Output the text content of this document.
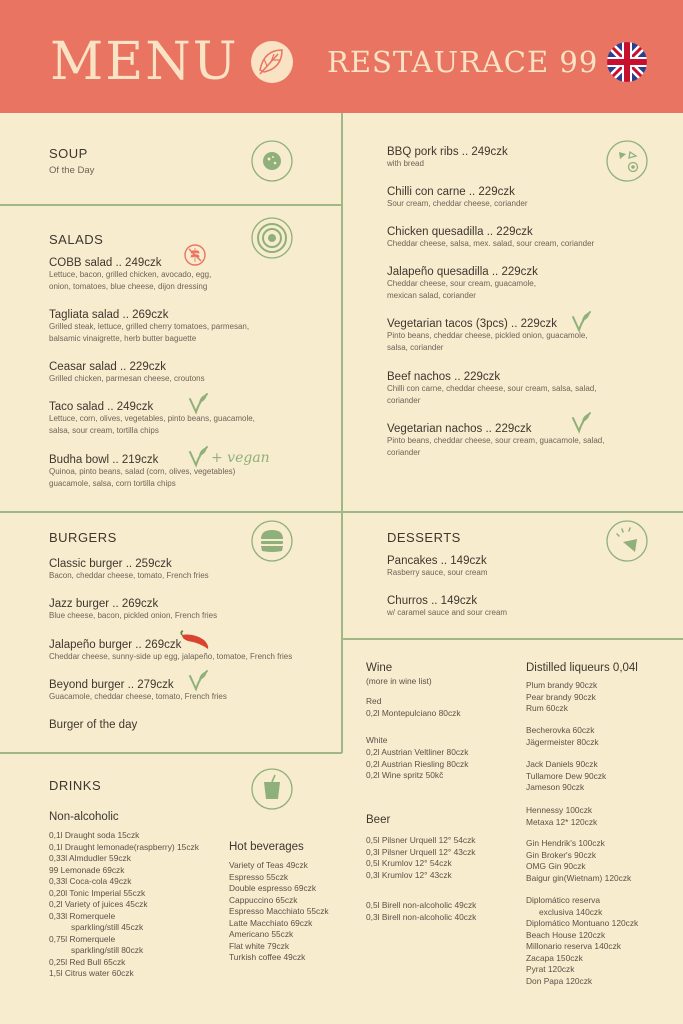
MENU	RESTAURACE 99
SOUP
Of the Day
SALADS
COBB salad .. 249czk
Lettuce, bacon, grilled chicken, avocado, egg, onion, tomatoes, blue cheese, dijon dressing
Tagliata salad .. 269czk
Grilled steak, lettuce, grilled cherry tomatoes, parmesan, balsamic vinaigrette, herb butter baguette
Ceasar salad .. 229czk
Grilled chicken, parmesan cheese, croutons
Taco salad .. 249czk
Lettuce, corn, olives, vegetables, pinto beans, guacamole, salsa, sour cream, tortilla chips
Budha bowl .. 219czk
Quinoa, pinto beans, salad (corn, olives, vegetables) guacamole, salsa, corn tortilla chips
+ vegan
BBQ pork ribs .. 249czk
with bread
Chilli con carne .. 229czk
Sour cream, cheddar cheese, coriander
Chicken quesadilla .. 229czk
Cheddar cheese, salsa, mex. salad, sour cream, coriander
Jalapeño quesadilla .. 229czk
Cheddar cheese, sour cream, guacamole, mexican salad, coriander
Vegetarian tacos (3pcs) .. 229czk
Pinto beans, cheddar cheese, pickled onion, guacamole, salsa, coriander
Beef nachos .. 229czk
Chilli con carne, cheddar cheese, sour cream, salsa, salad, coriander
Vegetarian nachos .. 229czk
Pinto beans, cheddar cheese, sour cream, guacamole, salad, coriander
BURGERS
Classic burger .. 259czk
Bacon, cheddar cheese, tomato, French fries
Jazz burger .. 269czk
Blue cheese, bacon, pickled onion, French fries
Jalapeño burger .. 269czk
Cheddar cheese, sunny-side up egg, jalapeño, tomatoe, French fries
Beyond burger .. 279czk
Guacamole, cheddar cheese, tomato, French fries
Burger of the day
DESSERTS
Pancakes .. 149czk
Rasberry sauce, sour cream
Churros .. 149czk
w/ caramel sauce and sour cream
DRINKS
Non-alcoholic
0,1l Draught soda 15czk
0,1l Draught lemonade(raspberry) 15czk
0,33l Almdudler 59czk
99 Lemonade 69czk
0,33l Coca-cola 49czk
0,20l Tonic Imperial 55czk
0,2l Variety of juices 45czk
0,33l Romerquele
sparkling/still 45czk
0,75l Romerquele
sparkling/still 80czk
0,25l Red Bull 65czk
1,5l Citrus water 60czk
Hot beverages
Variety of Teas 49czk
Espresso 55czk
Double espresso 69czk
Cappuccino 65czk
Espresso Macchiato 55czk
Latte Macchiato 69czk
Americano 55czk
Flat white 79czk
Turkish coffee 49czk
Wine
(more in wine list)
Red
0,2l Montepulciano 80czk
White
0,2l Austrian Veltliner 80czk
0,2l Austrian Riesling 80czk
0,2l Wine spritz 50kč
Beer
0,5l Pilsner Urquell 12° 54czk
0,3l Pilsner Urquell 12° 43czk
0,5l Krumlov 12° 54czk
0,3l Krumlov 12° 43czk
0,5l Birell non-alcoholic 49czk
0,3l Birell non-alcoholic 40czk
Distilled liqueurs 0,04l
Plum brandy 90czk
Pear brandy 90czk
Rum 60czk
Becherovka 60czk
Jägermeister 80czk
Jack Daniels 90czk
Tullamore Dew 90czk
Jameson 90czk
Hennessy 100czk
Metaxa 12* 120czk
Gin Hendrik's 100czk
Gin Broker's 90czk
OMG Gin 90czk
Baigur gin(Wietnam) 120czk
Diplomático reserva
exclusiva 140czk
Diplomático Montuano 120czk
Beach House 120czk
Millonario reserva 140czk
Zacapa 150czk
Pyrat 120czk
Don Papa 120czk
